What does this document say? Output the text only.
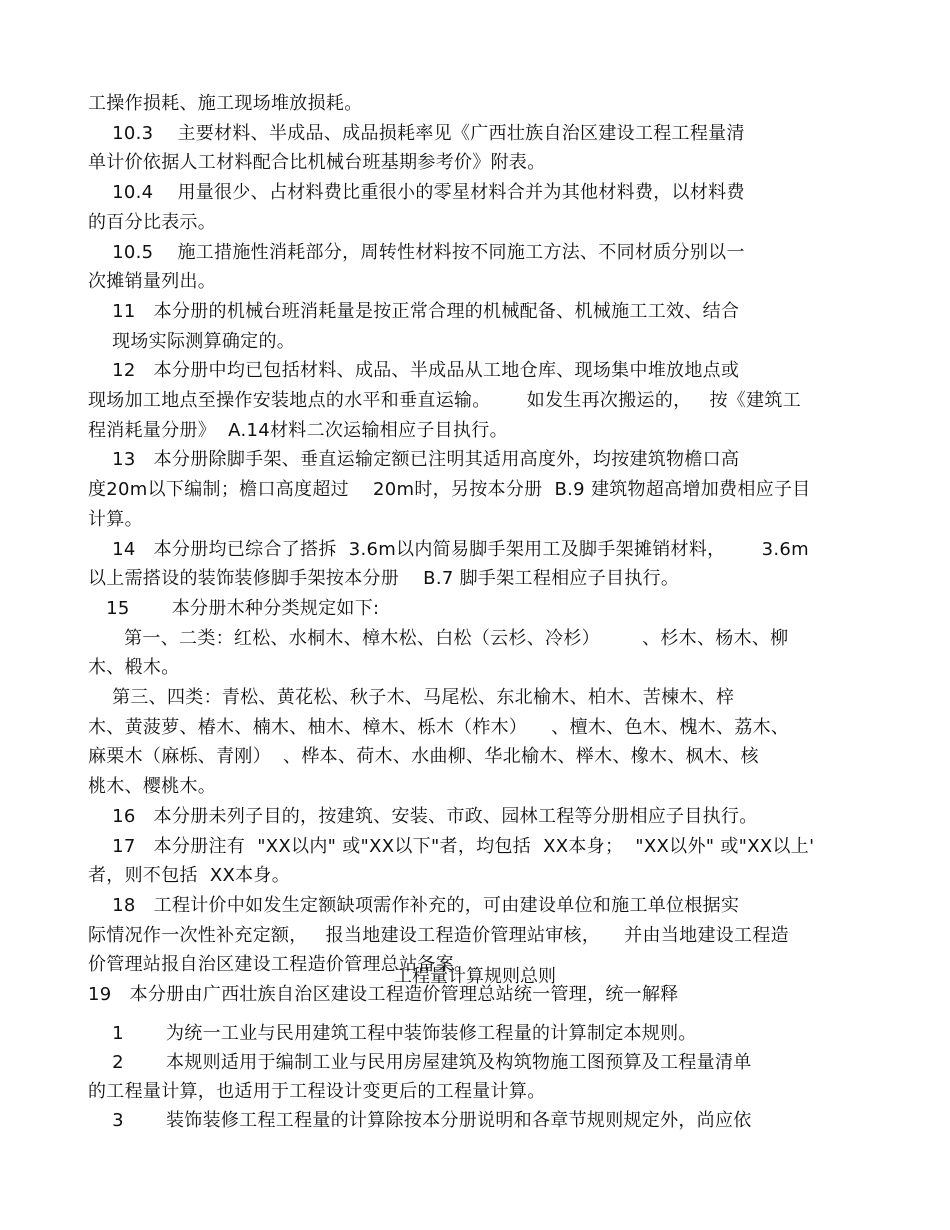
工操作损耗、施工现场堆放损耗。
10.3    主要材料、半成品、成品损耗率见《广西壮族自治区建设工程工程量清
单计价依据人工材料配合比机械台班基期参考价》附表。
10.4    用量很少、占材料费比重很小的零星材料合并为其他材料费，以材料费
的百分比表示。
10.5    施工措施性消耗部分，周转性材料按不同施工方法、不同材质分别以一
次摊销量列出。
11   本分册的机械台班消耗量是按正常合理的机械配备、机械施工工效、结合
现场实际测算确定的。
12   本分册中均已包括材料、成品、半成品从工地仓库、现场集中堆放地点或
现场加工地点至操作安装地点的水平和垂直运输。      如发生再次搬运的，   按《建筑工
程消耗量分册》  A.14材料二次运输相应子目执行。
13   本分册除脚手架、垂直运输定额已注明其适用高度外，均按建筑物檐口高
度20m以下编制；檐口高度超过    20m时，另按本分册  B.9 建筑物超高增加费相应子目
计算。
14   本分册均已综合了搭拆  3.6m以内简易脚手架用工及脚手架摊销材料，      3.6m
以上需搭设的装饰装修脚手架按本分册    B.7 脚手架工程相应子目执行。
15       本分册木种分类规定如下:
第一、二类：红松、水桐木、樟木松、白松（云杉、冷杉）       、杉木、杨木、柳
木、椴木。
第三、四类：青松、黄花松、秋子木、马尾松、东北榆木、柏木、苦楝木、梓
木、黄菠萝、椿木、楠木、柚木、樟木、栎木（柞木）    、檀木、色木、槐木、荔木、
麻栗木（麻栎、青刚）  、桦本、荷木、水曲柳、华北榆木、榉木、橡木、枫木、核
桃木、樱桃木。
16   本分册未列子目的，按建筑、安装、市政、园林工程等分册相应子目执行。
17   本分册注有  "XX以内" 或"XX以下"者，均包括  XX本身；  "XX以外" 或"XX以上'
者，则不包括  XX本身。
18   工程计价中如发生定额缺项需作补充的，可由建设单位和施工单位根据实
际情况作一次性补充定额，   报当地建设工程造价管理站审核，    并由当地建设工程造
价管理站报自治区建设工程造价管理总站备案。
19   本分册由广西壮族自治区建设工程造价管理总站统一管理，统一解释
工程量计算规则总则
1       为统一工业与民用建筑工程中装饰装修工程量的计算制定本规则。
2       本规则适用于编制工业与民用房屋建筑及构筑物施工图预算及工程量清单
的工程量计算，也适用于工程设计变更后的工程量计算。
3       装饰装修工程工程量的计算除按本分册说明和各章节规则规定外，尚应依
